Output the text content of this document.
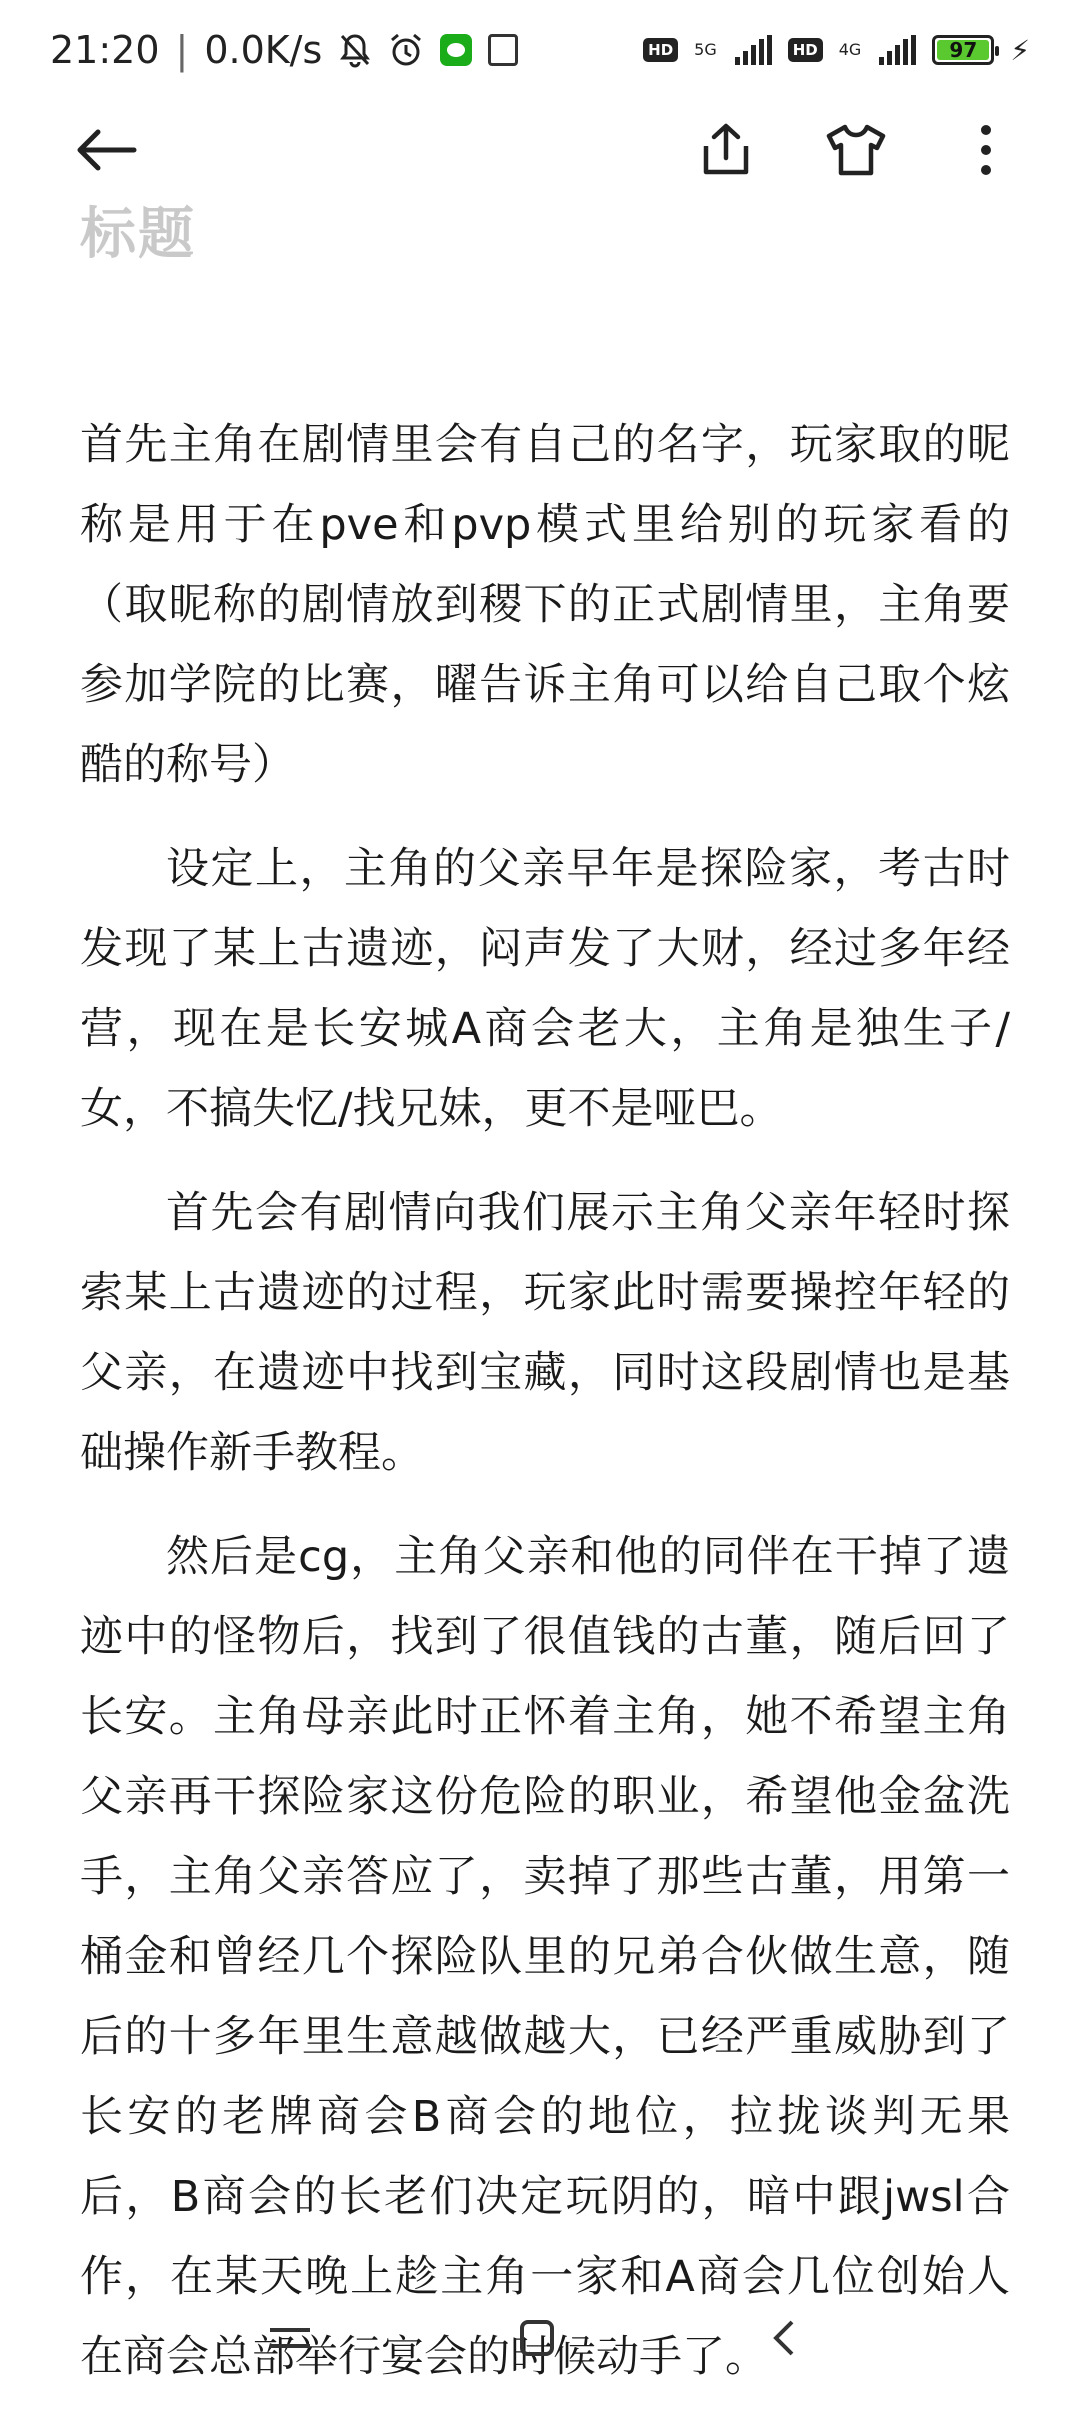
21:20 | 0.0K/s	HD	5G	HD	4G	97 ⚡
标题

首先主角在剧情里会有自己的名字，玩家取的昵称是用于在pve和pvp模式里给别的玩家看的（取昵称的剧情放到稷下的正式剧情里，主角要参加学院的比赛，曜告诉主角可以给自己取个炫酷的称号）

设定上，主角的父亲早年是探险家，考古时发现了某上古遗迹，闷声发了大财，经过多年经营，现在是长安城A商会老大，主角是独生子/女，不搞失忆/找兄妹，更不是哑巴。

首先会有剧情向我们展示主角父亲年轻时探索某上古遗迹的过程，玩家此时需要操控年轻的父亲，在遗迹中找到宝藏，同时这段剧情也是基础操作新手教程。

然后是cg，主角父亲和他的同伴在干掉了遗迹中的怪物后，找到了很值钱的古董，随后回了长安。主角母亲此时正怀着主角，她不希望主角父亲再干探险家这份危险的职业，希望他金盆洗手，主角父亲答应了，卖掉了那些古董，用第一桶金和曾经几个探险队里的兄弟合伙做生意，随后的十多年里生意越做越大，已经严重威胁到了长安的老牌商会B商会的地位，拉拢谈判无果后，B商会的长老们决定玩阴的，暗中跟jwsl合作，在某天晚上趁主角一家和A商会几位创始人在商会总部举行宴会的时候动手了。
